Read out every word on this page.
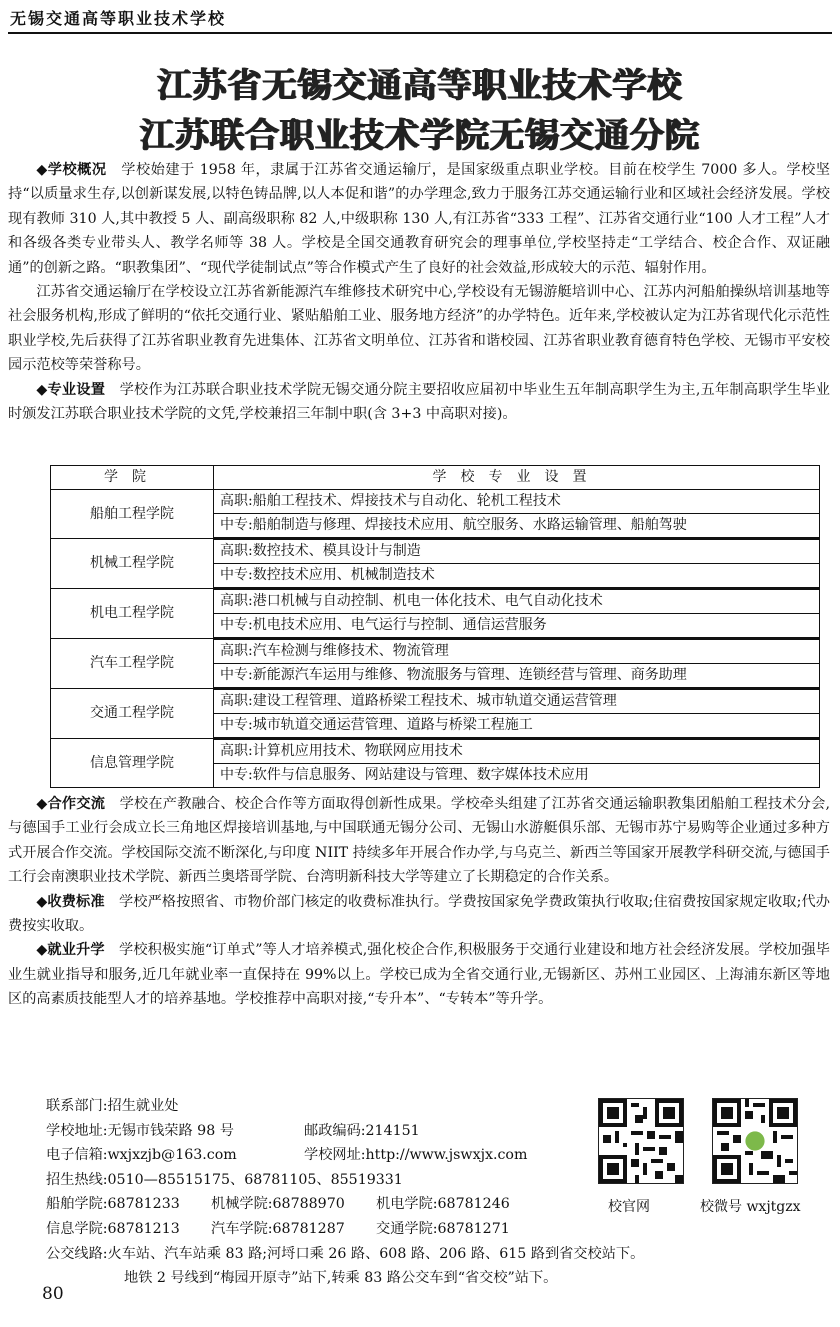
无锡交通高等职业技术学校
江苏省无锡交通高等职业技术学校
江苏联合职业技术学院无锡交通分院

◆学校概况　 学校始建于 1958 年，隶属于江苏省交通运输厅，是国家级重点职业学校。目前在校学生 7000 多人。学校坚持“以质量求生存,以创新谋发展,以特色铸品牌,以人本促和谐”的办学理念,致力于服务江苏交通运输行业和区域社会经济发展。学校现有教师 310 人,其中教授 5 人、副高级职称 82 人,中级职称 130 人,有江苏省“333 工程”、江苏省交通行业“100 人才工程”人才和各级各类专业带头人、教学名师等 38 人。学校是全国交通教育研究会的理事单位,学校坚持走“工学结合、校企合作、双证融通”的创新之路。“职教集团”、“现代学徒制试点”等合作模式产生了良好的社会效益,形成较大的示范、辐射作用。

江苏省交通运输厅在学校设立江苏省新能源汽车维修技术研究中心,学校设有无锡游艇培训中心、江苏内河船舶操纵培训基地等社会服务机构,形成了鲜明的“依托交通行业、紧贴船舶工业、服务地方经济”的办学特色。近年来,学校被认定为江苏省现代化示范性职业学校,先后获得了江苏省职业教育先进集体、江苏省文明单位、江苏省和谐校园、江苏省职业教育德育特色学校、无锡市平安校园示范校等荣誉称号。

◆专业设置　 学校作为江苏联合职业技术学院无锡交通分院主要招收应届初中毕业生五年制高职学生为主,五年制高职学生毕业时颁发江苏联合职业技术学院的文凭,学校兼招三年制中职(含 3+3 中高职对接)。

学院	学校专业设置
船舶工程学院	高职:船舶工程技术、焊接技术与自动化、轮机工程技术
	中专:船舶制造与修理、焊接技术应用、航空服务、水路运输管理、船舶驾驶
机械工程学院	高职:数控技术、模具设计与制造
	中专:数控技术应用、机械制造技术
机电工程学院	高职:港口机械与自动控制、机电一体化技术、电气自动化技术
	中专:机电技术应用、电气运行与控制、通信运营服务
汽车工程学院	高职:汽车检测与维修技术、物流管理
	中专:新能源汽车运用与维修、物流服务与管理、连锁经营与管理、商务助理
交通工程学院	高职:建设工程管理、道路桥梁工程技术、城市轨道交通运营管理
	中专:城市轨道交通运营管理、道路与桥梁工程施工
信息管理学院	高职:计算机应用技术、物联网应用技术
	中专:软件与信息服务、网站建设与管理、数字媒体技术应用

◆合作交流　 学校在产教融合、校企合作等方面取得创新性成果。学校牵头组建了江苏省交通运输职教集团船舶工程技术分会,与德国手工业行会成立长三角地区焊接培训基地,与中国联通无锡分公司、无锡山水游艇俱乐部、无锡市苏宁易购等企业通过多种方式开展合作交流。学校国际交流不断深化,与印度 NIIT 持续多年开展合作办学,与乌克兰、新西兰等国家开展教学科研交流,与德国手工行会南澳职业技术学院、新西兰奥塔哥学院、台湾明新科技大学等建立了长期稳定的合作关系。

◆收费标准　 学校严格按照省、市物价部门核定的收费标准执行。学费按国家免学费政策执行收取;住宿费按国家规定收取;代办费按实收取。

◆就业升学　 学校积极实施“订单式”等人才培养模式,强化校企合作,积极服务于交通行业建设和地方社会经济发展。学校加强毕业生就业指导和服务,近几年就业率一直保持在 99%以上。学校已成为全省交通行业,无锡新区、苏州工业园区、上海浦东新区等地区的高素质技能型人才的培养基地。学校推荐中高职对接,“专升本”、“专转本”等升学。

联系部门:招生就业处
学校地址:无锡市钱荣路 98 号	邮政编码:214151
电子信箱:wxjxzjb@163.com	学校网址:http://www.jswxjx.com
招生热线:0510—85515175、68781105、85519331
船舶学院:68781233	机械学院:68788970	机电学院:68781246
信息学院:68781213	汽车学院:68781287	交通学院:68781271
公交线路:火车站、汽车站乘 83 路;河埒口乘 26 路、608 路、206 路、615 路到省交校站下。
地铁 2 号线到“梅园开原寺”站下,转乘 83 路公交车到“省交校”站下。
校官网	校微号 wxjtgzx
80
